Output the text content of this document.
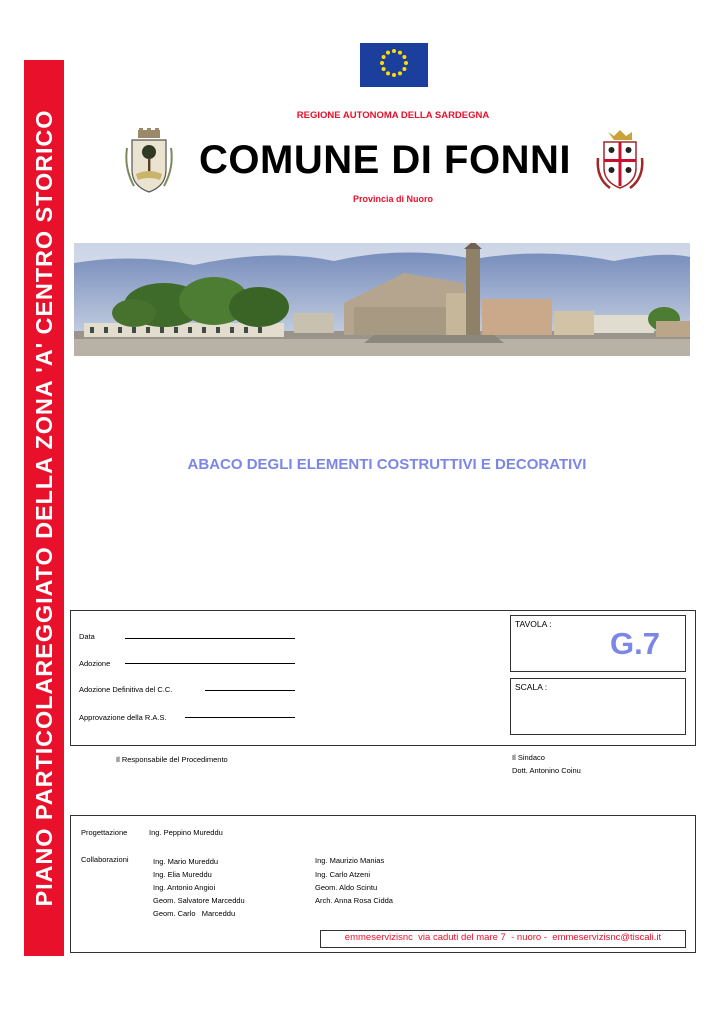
PIANO PARTICOLAREGGIATO DELLA ZONA 'A' CENTRO STORICO	REGIONE AUTONOMA DELLA SARDEGNA
COMUNE DI FONNI
Provincia di Nuoro
ABACO DEGLI ELEMENTI COSTRUTTIVI E DECORATIVI
Data
Adozione
Adozione Definitiva del C.C.
Approvazione della R.A.S.
TAVOLA :
G.7
SCALA :
Il Responsabile del Procedimento	Il Sindaco
Dott. Antonino Coinu
Progettazione	Ing. Peppino Mureddu
Collaborazioni	Ing. Mario Mureddu
Ing. Elia Mureddu
Ing. Antonio Angioi
Geom. Salvatore Marceddu
Geom. Carlo   Marceddu
Ing. Maurizio Manias
Ing. Carlo Atzeni
Geom. Aldo Scintu
Arch. Anna Rosa Cidda
emmeservizisnc  via caduti del mare 7  - nuoro -  emmeservizisnc@tiscali.it
